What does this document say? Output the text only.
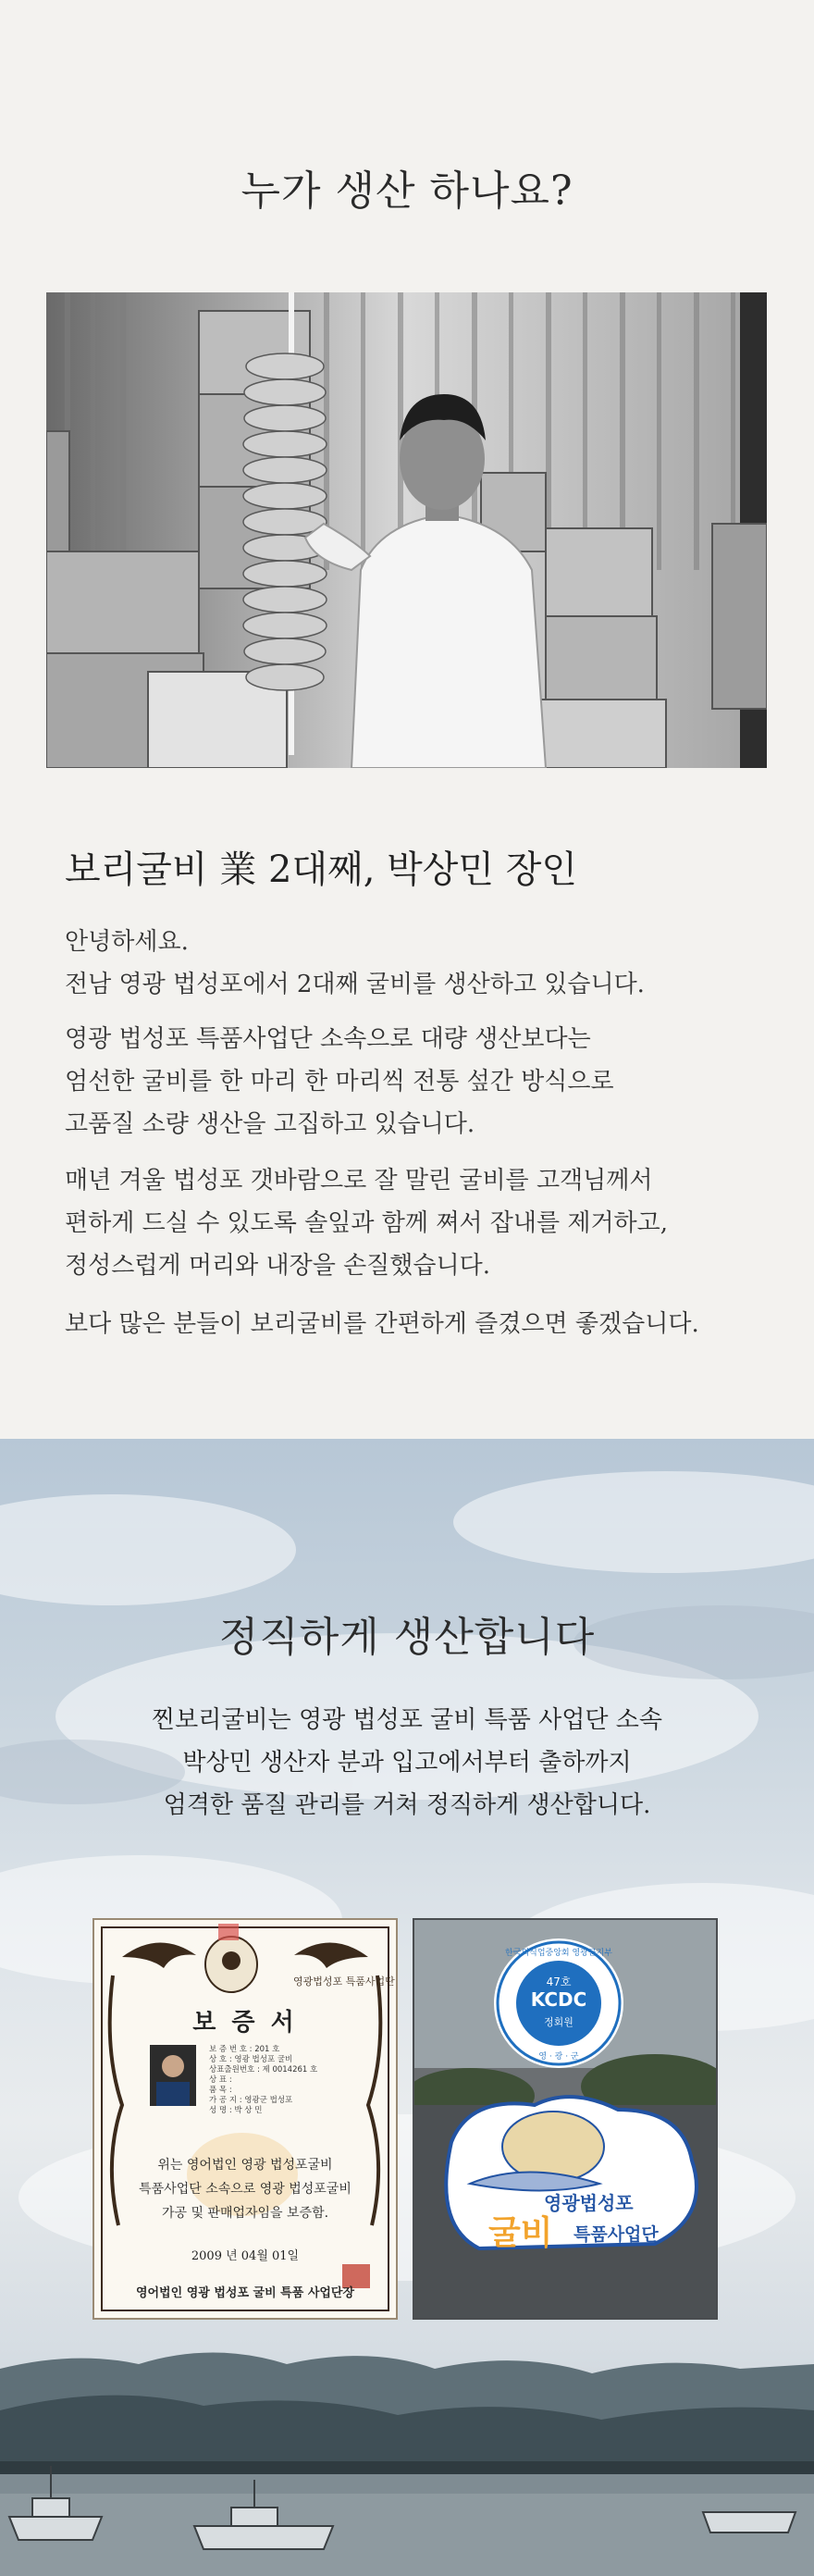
누가 생산 하나요?
보리굴비 業 2대째, 박상민 장인
안녕하세요.
전남 영광 법성포에서 2대째 굴비를 생산하고 있습니다.
영광 법성포 특품사업단 소속으로 대량 생산보다는
엄선한 굴비를 한 마리 한 마리씩 전통 섶간 방식으로
고품질 소량 생산을 고집하고 있습니다.
매년 겨울 법성포 갯바람으로 잘 말린 굴비를 고객님께서
편하게 드실 수 있도록 솔잎과 함께 쪄서 잡내를 제거하고,
정성스럽게 머리와 내장을 손질했습니다.
보다 많은 분들이 보리굴비를 간편하게 즐겼으면 좋겠습니다.
정직하게 생산합니다
찐보리굴비는 영광 법성포 굴비 특품 사업단 소속
박상민 생산자 분과 입고에서부터 출하까지
엄격한 품질 관리를 거쳐 정직하게 생산합니다.
영광법성포 특품사업단
보 증 서
보 증 번 호 : 201 호
상 호 : 영광 법성포 굴비
상표출원번호 : 제 0014261 호
상 표 :
품 목 :
가 공 지 : 영광군 법성포
성 명 : 박 상 민
위는 영어법인 영광 법성포굴비
특품사업단 소속으로 영광 법성포굴비
가공 및 판매업자임을 보증함.
2009 년 04월 01일
영어법인 영광 법성포 굴비 특품 사업단장
한국외식업중앙회 영광군지부
47호
KCDC
정회원
영 · 광 · 군
영광법성포
굴비 특품사업단
